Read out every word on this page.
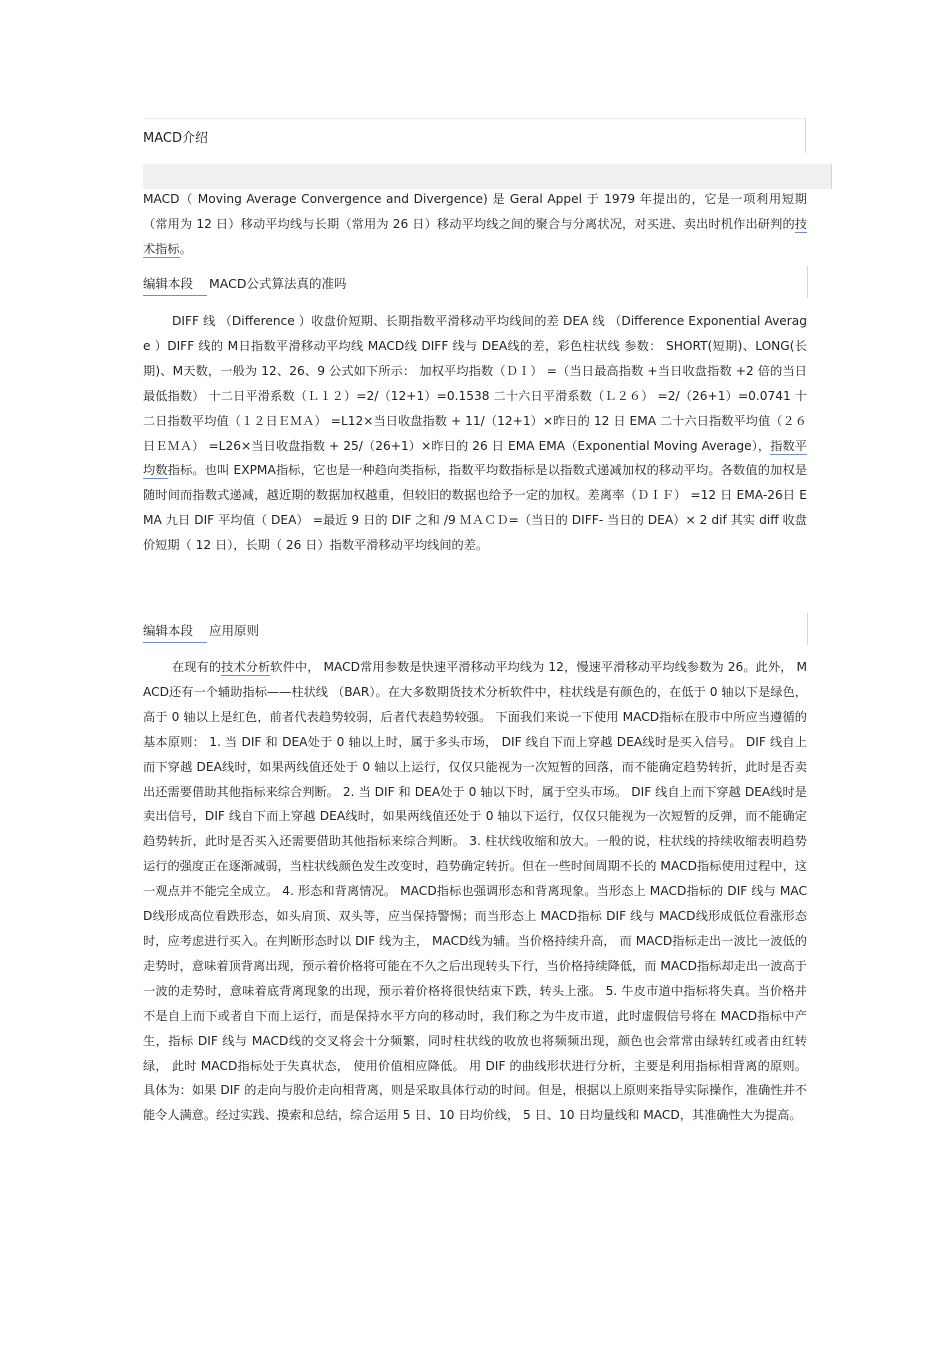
MACD介绍

MACD（ Moving Average Convergence and Divergence) 是 Geral Appel 于 1979 年提出的，它是一项利用短期（常用为 12 日）移动平均线与长期（常用为 26 日）移动平均线之间的聚合与分离状况，对买进、卖出时机作出研判的技术指标。

编辑本段 MACD公式算法真的准吗

DIFF 线 （Difference ）收盘价短期、长期指数平滑移动平均线间的差 DEA 线 （Difference Exponential Average ）DIFF 线的 M日指数平滑移动平均线 MACD线 DIFF 线与 DEA线的差，彩色柱状线 参数： SHORT(短期)、LONG(长期)、M天数，一般为 12、26、9 公式如下所示： 加权平均指数（ＤＩ） =（当日最高指数 +当日收盘指数 +2 倍的当日最低指数） 十二日平滑系数（Ｌ１２）=2/（12+1）=0.1538 二十六日平滑系数（Ｌ２６） =2/（26+1）=0.0741 十二日指数平均值（１２日ＥＭＡ） =L12×当日收盘指数 + 11/（12+1）×昨日的 12 日 EMA 二十六日指数平均值（２６日ＥＭＡ） =L26×当日收盘指数 + 25/（26+1）×昨日的 26 日 EMA EMA（Exponential Moving Average），指数平均数指标。也叫 EXPMA指标，它也是一种趋向类指标，指数平均数指标是以指数式递减加权的移动平均。各数值的加权是随时间而指数式递减，越近期的数据加权越重，但较旧的数据也给予一定的加权。差离率（ＤＩＦ） =12 日 EMA-26日 EMA 九日 DIF 平均值（ DEA） =最近 9 日的 DIF 之和 /9 ＭＡＣＤ=（当日的 DIFF- 当日的 DEA）× 2 dif 其实 diff 收盘价短期（ 12 日），长期（ 26 日）指数平滑移动平均线间的差。

编辑本段 应用原则

在现有的技术分析软件中， MACD常用参数是快速平滑移动平均线为 12，慢速平滑移动平均线参数为 26。此外， MACD还有一个辅助指标——柱状线 （BAR）。在大多数期货技术分析软件中，柱状线是有颜色的，在低于 0 轴以下是绿色，高于 0 轴以上是红色，前者代表趋势较弱，后者代表趋势较强。 下面我们来说一下使用 MACD指标在股市中所应当遵循的基本原则： 1. 当 DIF 和 DEA处于 0 轴以上时，属于多头市场， DIF 线自下而上穿越 DEA线时是买入信号。 DIF 线自上而下穿越 DEA线时，如果两线值还处于 0 轴以上运行，仅仅只能视为一次短暂的回落，而不能确定趋势转折，此时是否卖出还需要借助其他指标来综合判断。 2. 当 DIF 和 DEA处于 0 轴以下时，属于空头市场。 DIF 线自上而下穿越 DEA线时是卖出信号，DIF 线自下而上穿越 DEA线时，如果两线值还处于 0 轴以下运行，仅仅只能视为一次短暂的反弹，而不能确定趋势转折，此时是否买入还需要借助其他指标来综合判断。 3. 柱状线收缩和放大。一般的说，柱状线的持续收缩表明趋势运行的强度正在逐渐减弱，当柱状线颜色发生改变时，趋势确定转折。但在一些时间周期不长的 MACD指标使用过程中，这一观点并不能完全成立。 4. 形态和背离情况。 MACD指标也强调形态和背离现象。当形态上 MACD指标的 DIF 线与 MACD线形成高位看跌形态，如头肩顶、双头等，应当保持警惕；而当形态上 MACD指标 DIF 线与 MACD线形成低位看涨形态时，应考虑进行买入。在判断形态时以 DIF 线为主， MACD线为辅。当价格持续升高， 而 MACD指标走出一波比一波低的走势时，意味着顶背离出现，预示着价格将可能在不久之后出现转头下行，当价格持续降低，而 MACD指标却走出一波高于一波的走势时，意味着底背离现象的出现，预示着价格将很快结束下跌，转头上涨。 5. 牛皮市道中指标将失真。当价格并不是自上而下或者自下而上运行，而是保持水平方向的移动时，我们称之为牛皮市道，此时虚假信号将在 MACD指标中产生，指标 DIF 线与 MACD线的交叉将会十分频繁，同时柱状线的收放也将频频出现，颜色也会常常由绿转红或者由红转绿， 此时 MACD指标处于失真状态， 使用价值相应降低。 用 DIF 的曲线形状进行分析，主要是利用指标相背离的原则。具体为：如果 DIF 的走向与股价走向相背离，则是采取具体行动的时间。但是，根据以上原则来指导实际操作，准确性并不能令人满意。经过实践、摸索和总结，综合运用 5 日、10 日均价线， 5 日、10 日均量线和 MACD，其准确性大为提高。
